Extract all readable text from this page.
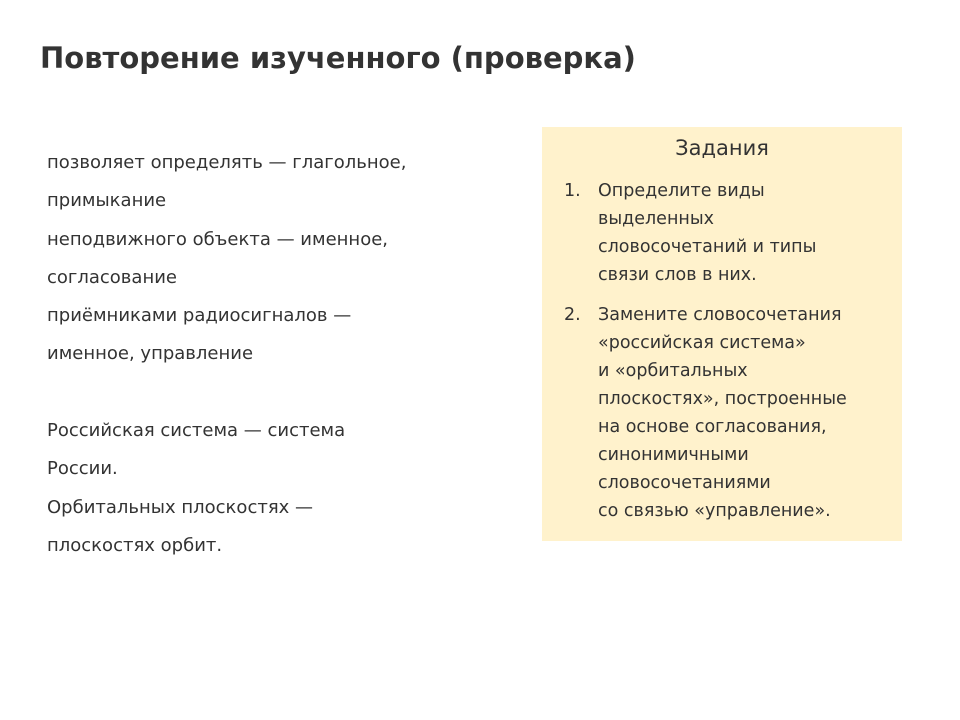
Повторение изученного (проверка)
позволяет определять — глагольное,
примыкание
неподвижного объекта — именное,
согласование
приёмниками радиосигналов —
именное, управление
Российская система — система
России.
Орбитальных плоскостях —
плоскостях орбит.
Задания
1. Определите виды
выделенных
словосочетаний и типы
связи слов в них.
2. Замените словосочетания
«российская система»
и «орбитальных
плоскостях», построенные
на основе согласования,
синонимичными
словосочетаниями
со связью «управление».
